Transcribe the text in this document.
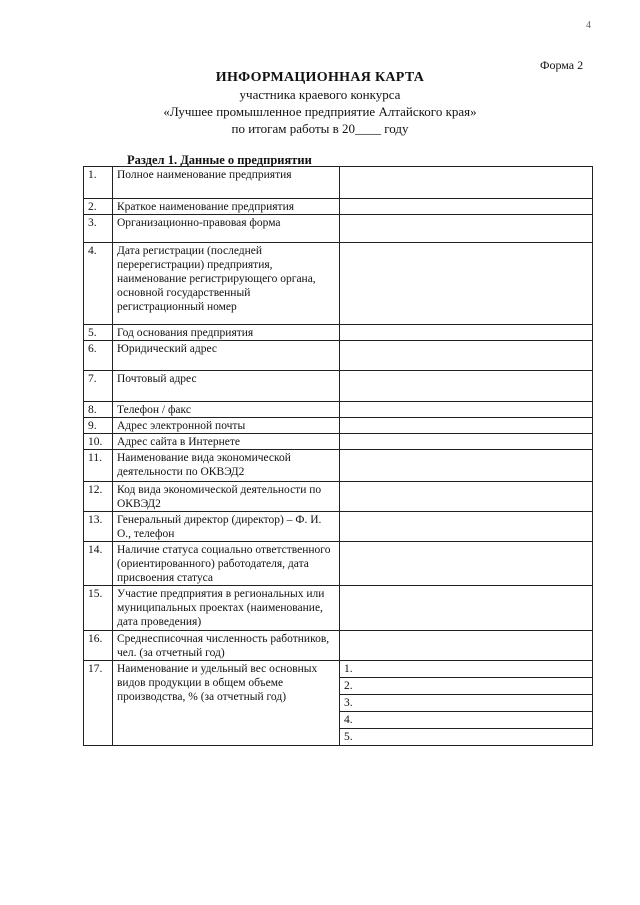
4
Форма 2
ИНФОРМАЦИОННАЯ КАРТА
участника краевого конкурса
«Лучшее промышленное предприятие Алтайского края»
по итогам работы в 20____ году
Раздел 1. Данные о предприятии
1.	Полное наименование предприятия	
2.	Краткое наименование предприятия	
3.	Организационно-правовая форма	
4.	Дата регистрации (последней перерегистрации) предприятия, наименование регистрирующего органа, основной государственный регистрационный номер	
5.	Год основания предприятия	
6.	Юридический адрес	
7.	Почтовый адрес	
8.	Телефон / факс	
9.	Адрес электронной почты	
10.	Адрес сайта в Интернете	
11.	Наименование вида экономической деятельности по ОКВЭД2	
12.	Код вида экономической деятельности по ОКВЭД2	
13.	Генеральный директор (директор) – Ф. И. О., телефон	
14.	Наличие статуса социально ответственного (ориентированного) работодателя, дата присвоения статуса	
15.	Участие предприятия в региональных или муниципальных проектах (наименование, дата проведения)	
16.	Среднесписочная численность работников, чел. (за отчетный год)	
17.	Наименование и удельный вес основных видов продукции в общем объеме производства, % (за отчетный год)	1.
2.
3.
4.
5.
